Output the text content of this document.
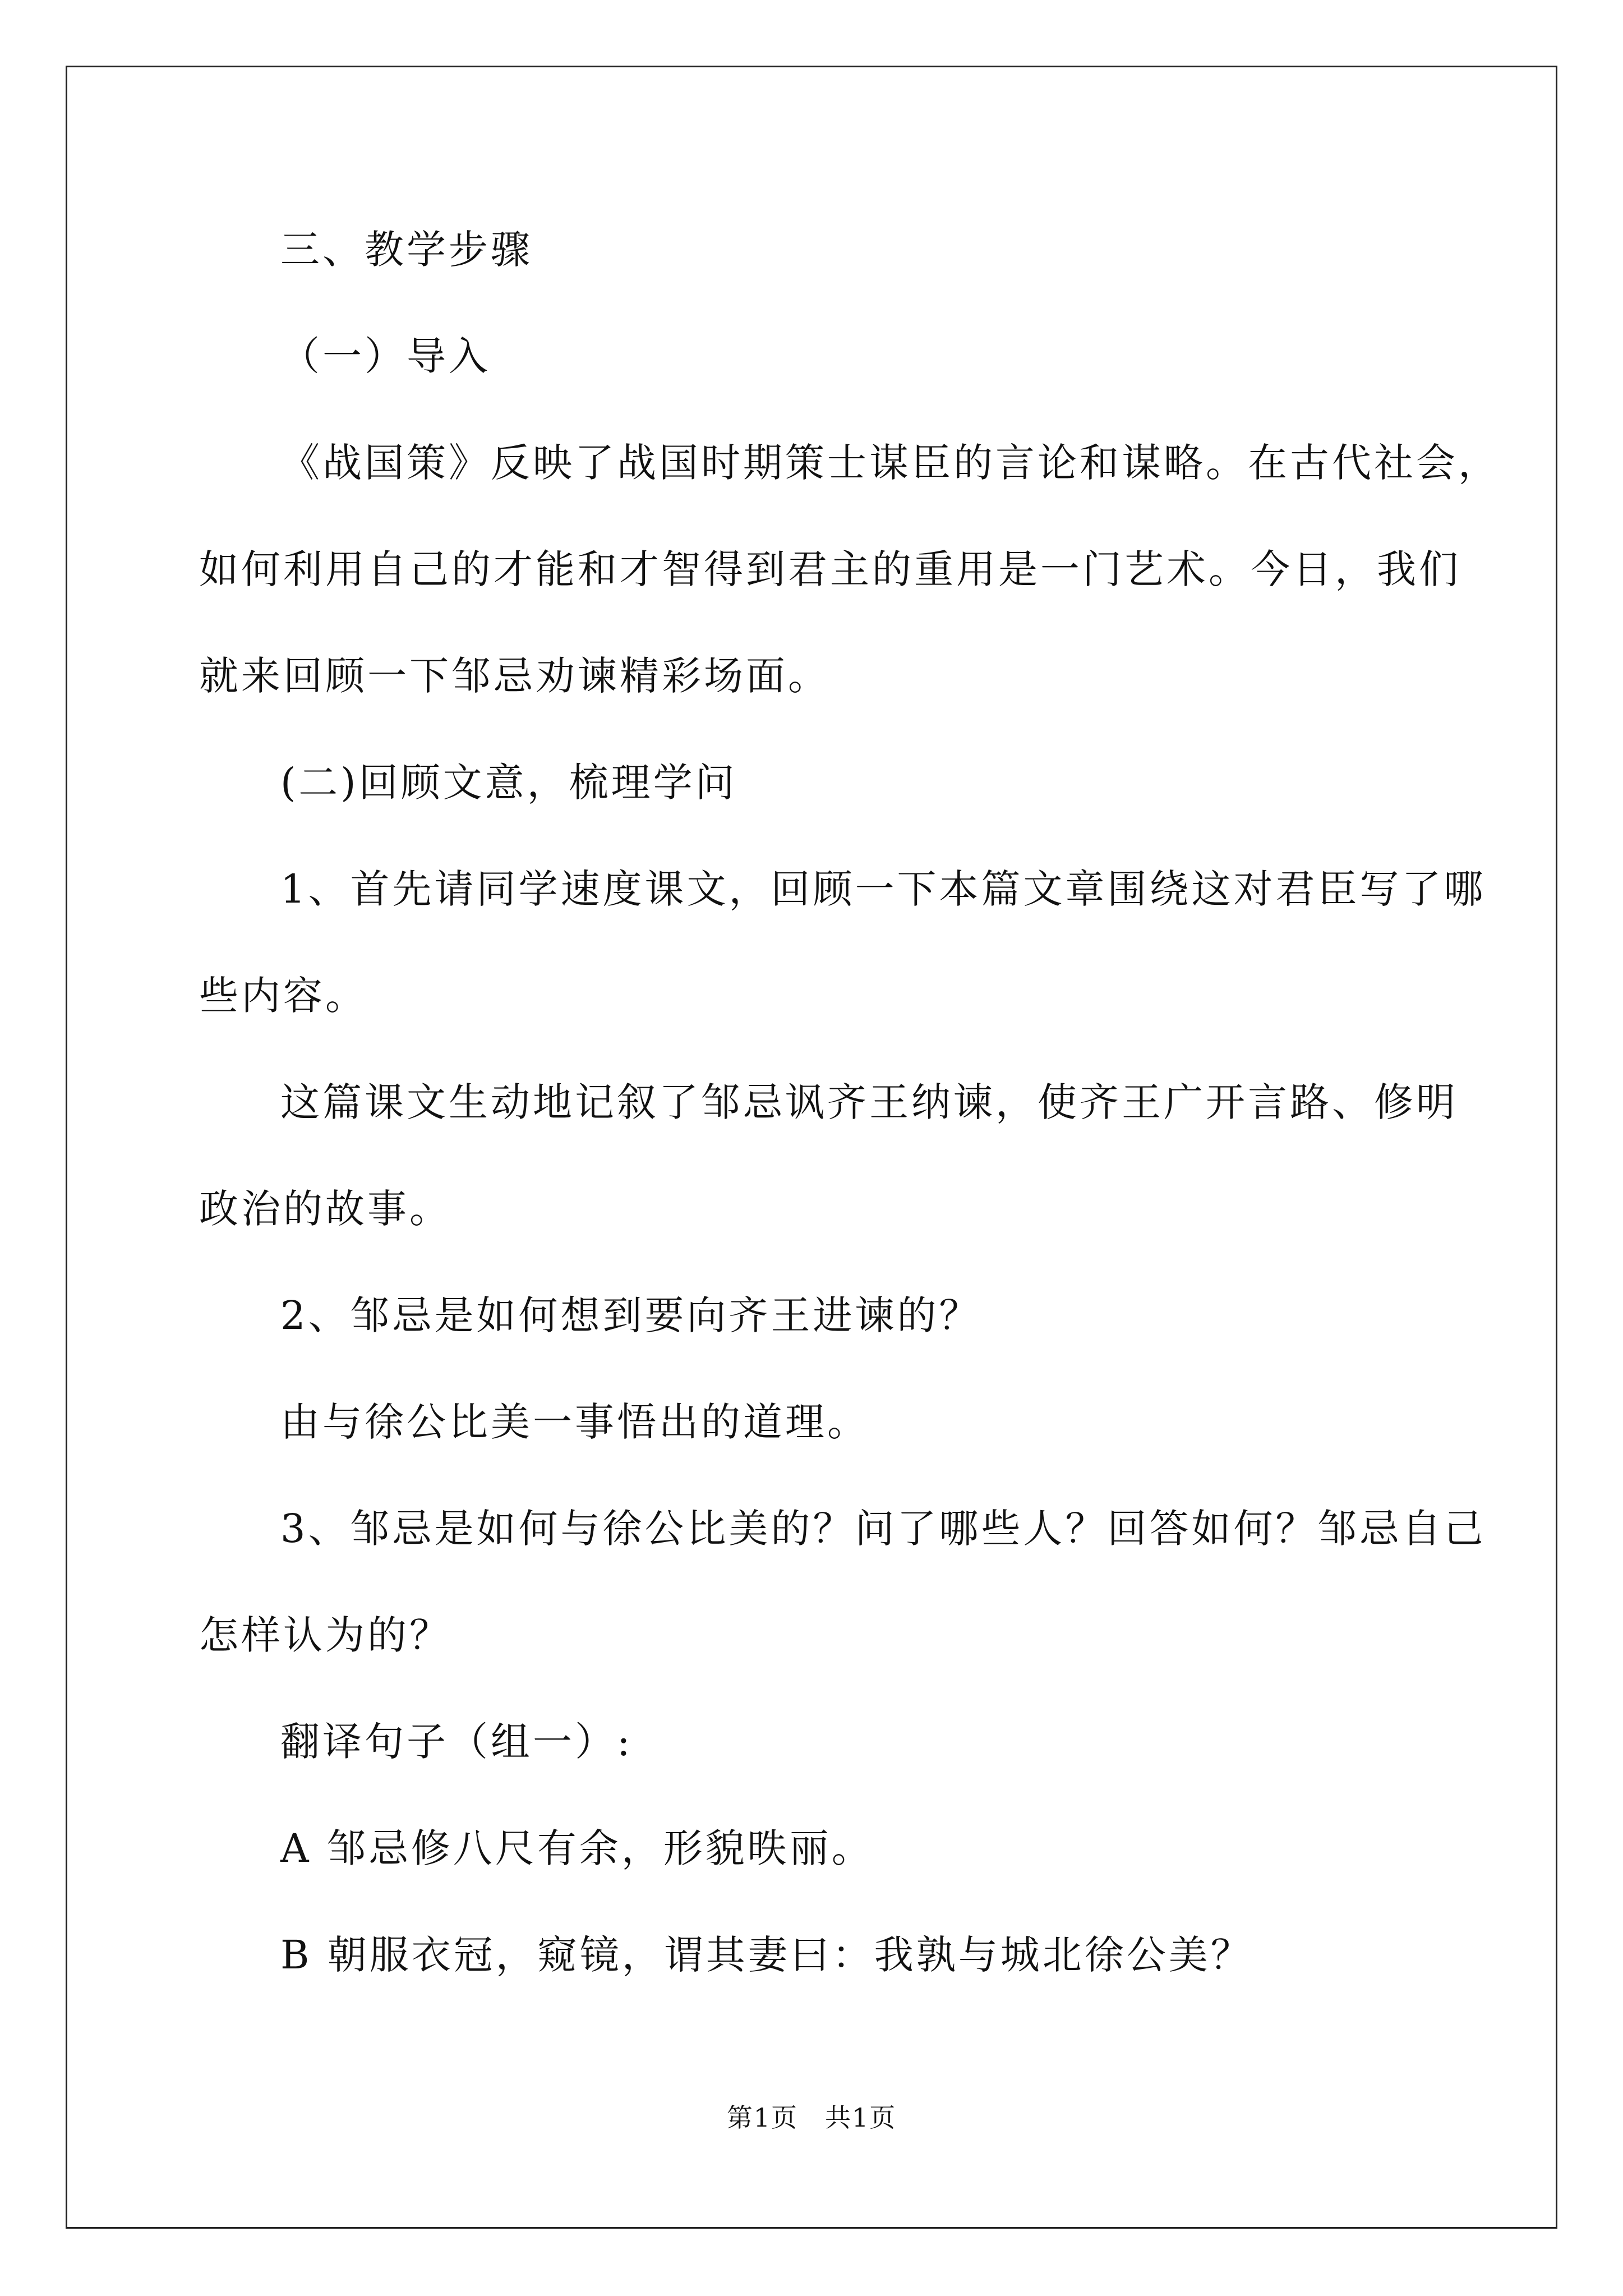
三、教学步骤
（一）导入
《战国策》反映了战国时期策士谋臣的言论和谋略。在古代社会，
如何利用自己的才能和才智得到君主的重用是一门艺术。今日，我们
就来回顾一下邹忌劝谏精彩场面。
(二)回顾文意，梳理学问
1、首先请同学速度课文，回顾一下本篇文章围绕这对君臣写了哪
些内容。
这篇课文生动地记叙了邹忌讽齐王纳谏，使齐王广开言路、修明
政治的故事。
2、邹忌是如何想到要向齐王进谏的？
由与徐公比美一事悟出的道理。
3、邹忌是如何与徐公比美的？问了哪些人？回答如何？邹忌自己
怎样认为的？
翻译句子（组一）:
A 邹忌修八尺有余，形貌昳丽。
B 朝服衣冠，窥镜，谓其妻曰：我孰与城北徐公美？
第1页　共1页
